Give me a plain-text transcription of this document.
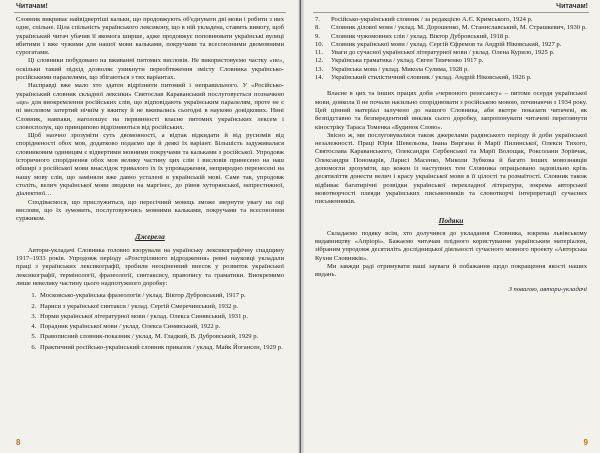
Читачам!

Словник викриває найвідвертіші кальки, що продовжують об'єднувати дві мови і робити з них одне, спільне. Ціла спільність українського лексикону, що в ній укладена, ставить вимогу, щоб український читач убачив її якомога ширше, адже продовжує поповнювати українські вулиці вбитими і вже чужими для нашої мови кальками, покручами та всесоюзними двомовними сурогатами.

Ці словники побудовано на вживанні питомих висловів. Не використовуємо частку «не», оскільки такий підхід дозволяє уникнути переобтяження змісту Словника українсько-російськими паралелями, що збігаються з тих варіантах.

Насправді вже мало хто здатен відрізнити питомий і неправильного. У «Російсько-український словник складної лексики» Святослав Караванський послуговується позначкою «це» для виокремлення російських слів, що відповідають українським паралелям, проте не є ні висловом затертий нічиїм у вжитку й не вживались сьогодні в науково довідкових. Нині Словник, навпаки, наголошує на первинності власне питомих українських лексем і словосполук, що принципово відрізняються від російських.

Щоб наочно зрозуміти суть двомовності, а відтак відкидати й від русизмів від спорідненості обох мов, додатково подаємо ще й деякі їх варіант. Більшість задуживалася словниковим одиницям є відвертими мовними покручами та кальками з російської. Упродовж історичного споріднення обох мов велику частину цих слів і висловів принесено на наш обширі з російської мови внаслідок тривалого їх їх упровадження, неприродно перенесені на нашу мову слів, що заміняли вже давно усталені в українській мові. Саме так, упродовж століть, велич української мови зводили на маргінес, до рівня хуторянської, непрестижної, діалектної…

Сподіваємося, що прислужиться, що пересічний мовець зможе звернути увагу на оці вислови, що їх зумовить, послуговуючись мовними кальками, покручами та всесоюзним суржиком.

Джерела

Автори-укладачі Словника головно взорували на українську лексикографічну спадщину 1917–1933 років. Упродовж періоду «Розстріляного відродження» ревні науковці укладали праці з українських лексикографії, зробили неоціненний внесок у розвиток української лексикографії, термінології, фразеології, синтаксису, правопису та граматики. Виокремимо лише невелику частину цього надпотужного доробку:

1. Московсько-українська фразеологія / уклад. Віктор Дубровський, 1917 р.
2. Нариси з української синтакси / уклад. Сергій Смеречинський, 1932 р.
3. Норми української літературної мови / уклад. Олекса Синявський, 1931 р.
4. Порадник української мови / уклад. Олекса Синявський, 1922 р.
5. Правописний словник-показник / уклад. М. Гладкий, В. Дубровський, 1929 р.
6. Практичний російсько-український словник приказок / уклад. Майк Йогансен, 1929 р.
8
Читачам!
7.	Російсько-український словник / за редакцією А.Є. Кримського, 1924 р.
8.	Словник ділової мови / уклад. М. Дорошенко, М. Станиславський, М. Страшкевич, 1930 р.
9.	Словник чужомовних слів / уклад. Віктор Дубровський, 1918 р.
10.	Словник української мови / уклад. Сергій Єфремов та Андрій Ніковський, 1927 р.
11.	Уваги до сучасної української літературної мови / уклад. Олена Курило, 1925 р.
12.	Українська граматика / уклад. Євген Тимченко 1917 р.
13.	Українська мова / уклад. Микола Сулима, 1928 р.
14.	Український стилістичний словник / уклад. Андрій Ніковський, 1926 р.

Власне в цих та інших працях доби «червоного ренесансу» – питоме осердя української мови, довкола її не почали насильно споріднювати з російською мовою, починаючи з 1934 року. Цей цінний матеріал залучено до нашого Словника, аби вкотре показати читачеві, як безпідставно та безпередентний виклик сього доробку, запропонувати читачеві переглянути кіностріку Тараса Томенка «Будинок Слово».

Звісно ж, ми послуговувалися також джерелами радянського періоду й доби української незалежності. Праці Юрія Шевельова, Івана Виргана й Марії Пилинської, Олекси Тихого, Святослава Караванського, Олександри Сербенської та Марії Волощак, Роксолани Зорівчак, Олександри Пономарів, Ларисі Масенко, Миколи Зубкова й багато інших мовознавців допомогли зрозуміти, що кожен із наступних тем Словника опрацьовано задовільно крізь десятиліття донести велич і красу української мови в її цілості та розмаїтості. Словник також відбиває багатирічні розвідки української перекладної літератури, зокрема авторської мовотворчості плеяди українських письменників та словотворчі інтерпретації сучасних письменників.

Подяки

Складаємо подяку всім, хто долучився до укладання Словника, зокрема львівському видавництву «Апріорі». Бажаємо читачам плідного користування українським матеріалом, зібраним упродовж десятиліть дослідницької діяльності сучасного мовного проекту «Авторська Кухня Словників».

Ми завжди раді отримувати ваші зауваги й побажання щодо покращення якості наших видань.

З повагою, автори-укладачі
9
